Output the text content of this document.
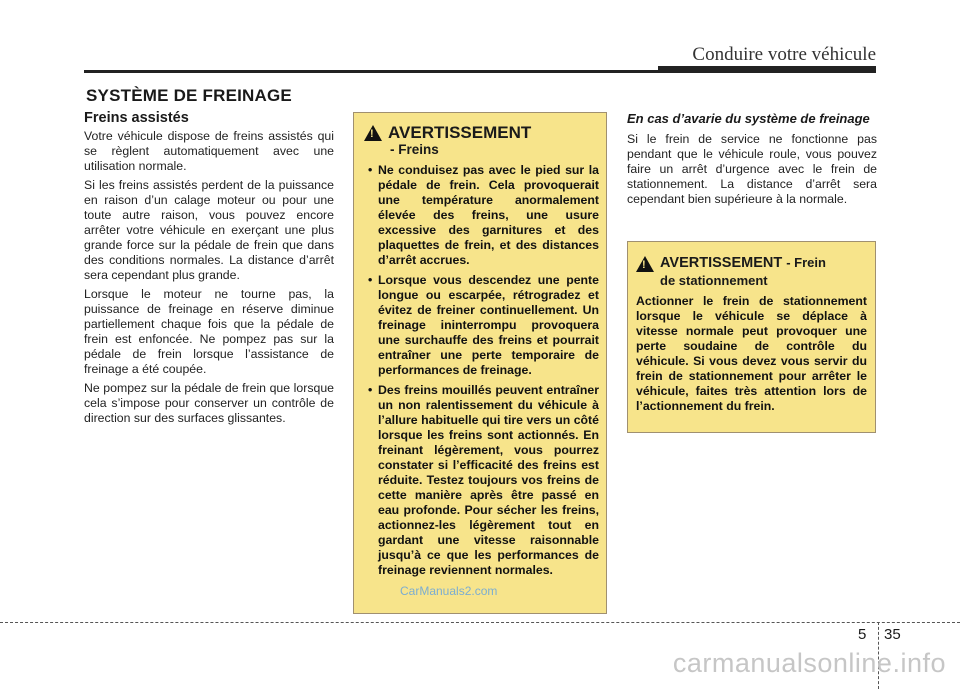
Conduire votre véhicule
SYSTÈME DE FREINAGE
Freins assistés

Votre véhicule dispose de freins assistés qui se règlent automatiquement avec une utilisation normale.

Si les freins assistés perdent de la puissance en raison d’un calage moteur ou pour une toute autre raison, vous pouvez encore arrêter votre véhicule en exerçant une plus grande force sur la pédale de frein que dans des conditions normales. La distance d’arrêt sera cependant plus grande.

Lorsque le moteur ne tourne pas, la puissance de freinage en réserve diminue partiellement chaque fois que la pédale de frein est enfoncée. Ne pompez pas sur la pédale de frein lorsque l’assistance de freinage a été coupée.

Ne pompez sur la pédale de frein que lorsque cela s’impose pour conserver un contrôle de direction sur des surfaces glissantes.

!
AVERTISSEMENT
- Freins
• Ne conduisez pas avec le pied sur la pédale de frein. Cela provoquerait une température anormalement élevée des freins, une usure excessive des garnitures et des plaquettes de frein, et des distances d’arrêt accrues.
• Lorsque vous descendez une pente longue ou escarpée, rétrogradez et évitez de freiner continuellement. Un freinage ininterrompu provoquera une surchauffe des freins et pourrait entraîner une perte temporaire de performances de freinage.
• Des freins mouillés peuvent entraîner un non ralentissement du véhicule à l’allure habituelle qui tire vers un côté lorsque les freins sont actionnés. En freinant légèrement, vous pourrez constater si l’efficacité des freins est réduite. Testez toujours vos freins de cette manière après être passé en eau profonde. Pour sécher les freins, actionnez-les légèrement tout en gardant une vitesse raisonnable jusqu’à ce que les performances de freinage reviennent normales.
En cas d’avarie du système de freinage

Si le frein de service ne fonctionne pas pendant que le véhicule roule, vous pouvez faire un arrêt d’urgence avec le frein de stationnement. La distance d’arrêt sera cependant bien supérieure à la normale.

!
AVERTISSEMENT - Frein
de stationnement
Actionner le frein de stationnement lorsque le véhicule se déplace à vitesse normale peut provoquer une perte soudaine de contrôle du véhicule. Si vous devez vous servir du frein de stationnement pour arrêter le véhicule, faites très attention lors de l’actionnement du frein.
CarManuals2.com
5 35
carmanualsonline.info
